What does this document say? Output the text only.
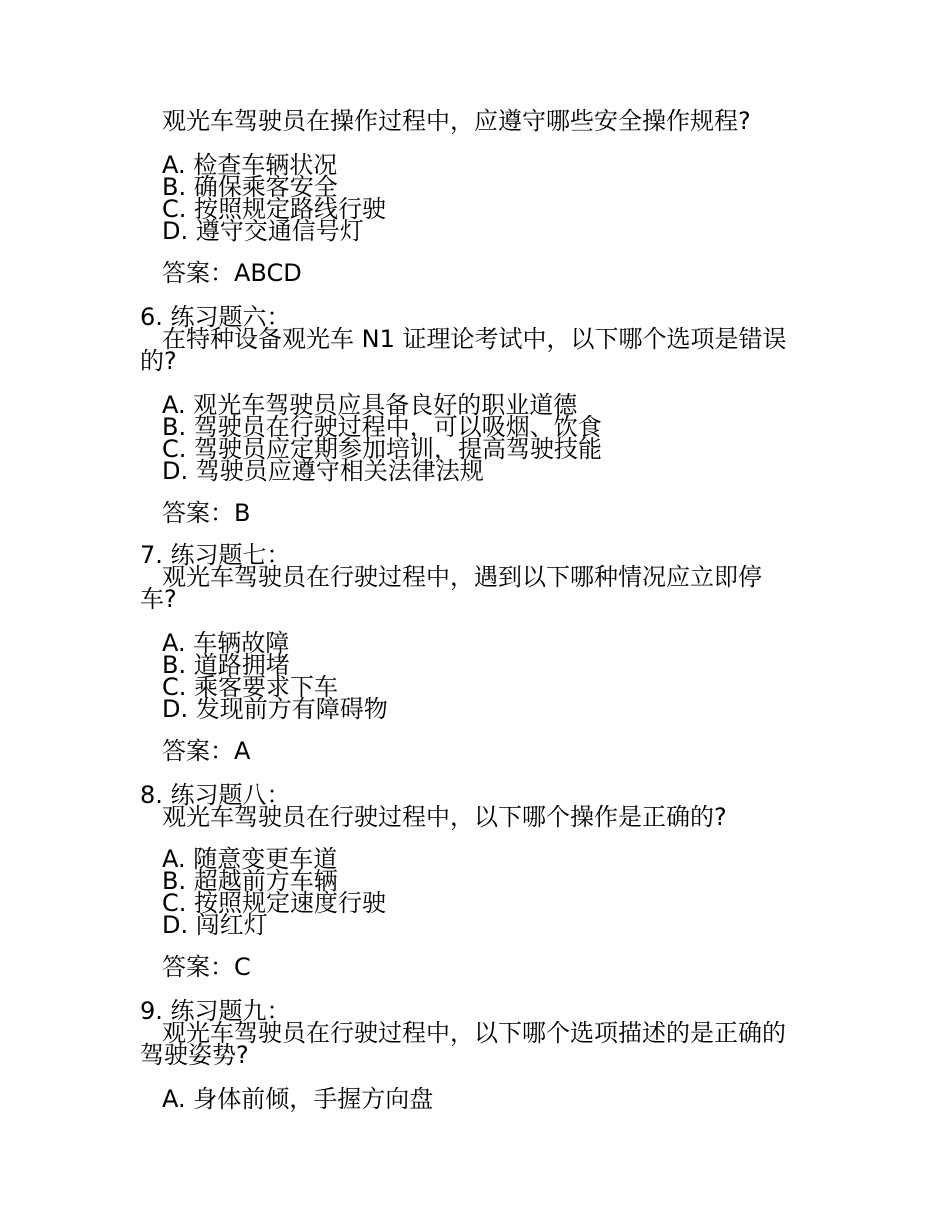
观光车驾驶员在操作过程中，应遵守哪些安全操作规程?
A. 检查车辆状况
B. 确保乘客安全
C. 按照规定路线行驶
D. 遵守交通信号灯
答案：ABCD
6. 练习题六：
在特种设备观光车 N1 证理论考试中，以下哪个选项是错误
的?
A. 观光车驾驶员应具备良好的职业道德
B. 驾驶员在行驶过程中，可以吸烟、饮食
C. 驾驶员应定期参加培训，提高驾驶技能
D. 驾驶员应遵守相关法律法规
答案：B
7. 练习题七：
观光车驾驶员在行驶过程中，遇到以下哪种情况应立即停
车?
A. 车辆故障
B. 道路拥堵
C. 乘客要求下车
D. 发现前方有障碍物
答案：A
8. 练习题八：
观光车驾驶员在行驶过程中，以下哪个操作是正确的?
A. 随意变更车道
B. 超越前方车辆
C. 按照规定速度行驶
D. 闯红灯
答案：C
9. 练习题九：
观光车驾驶员在行驶过程中，以下哪个选项描述的是正确的
驾驶姿势?
A. 身体前倾，手握方向盘
